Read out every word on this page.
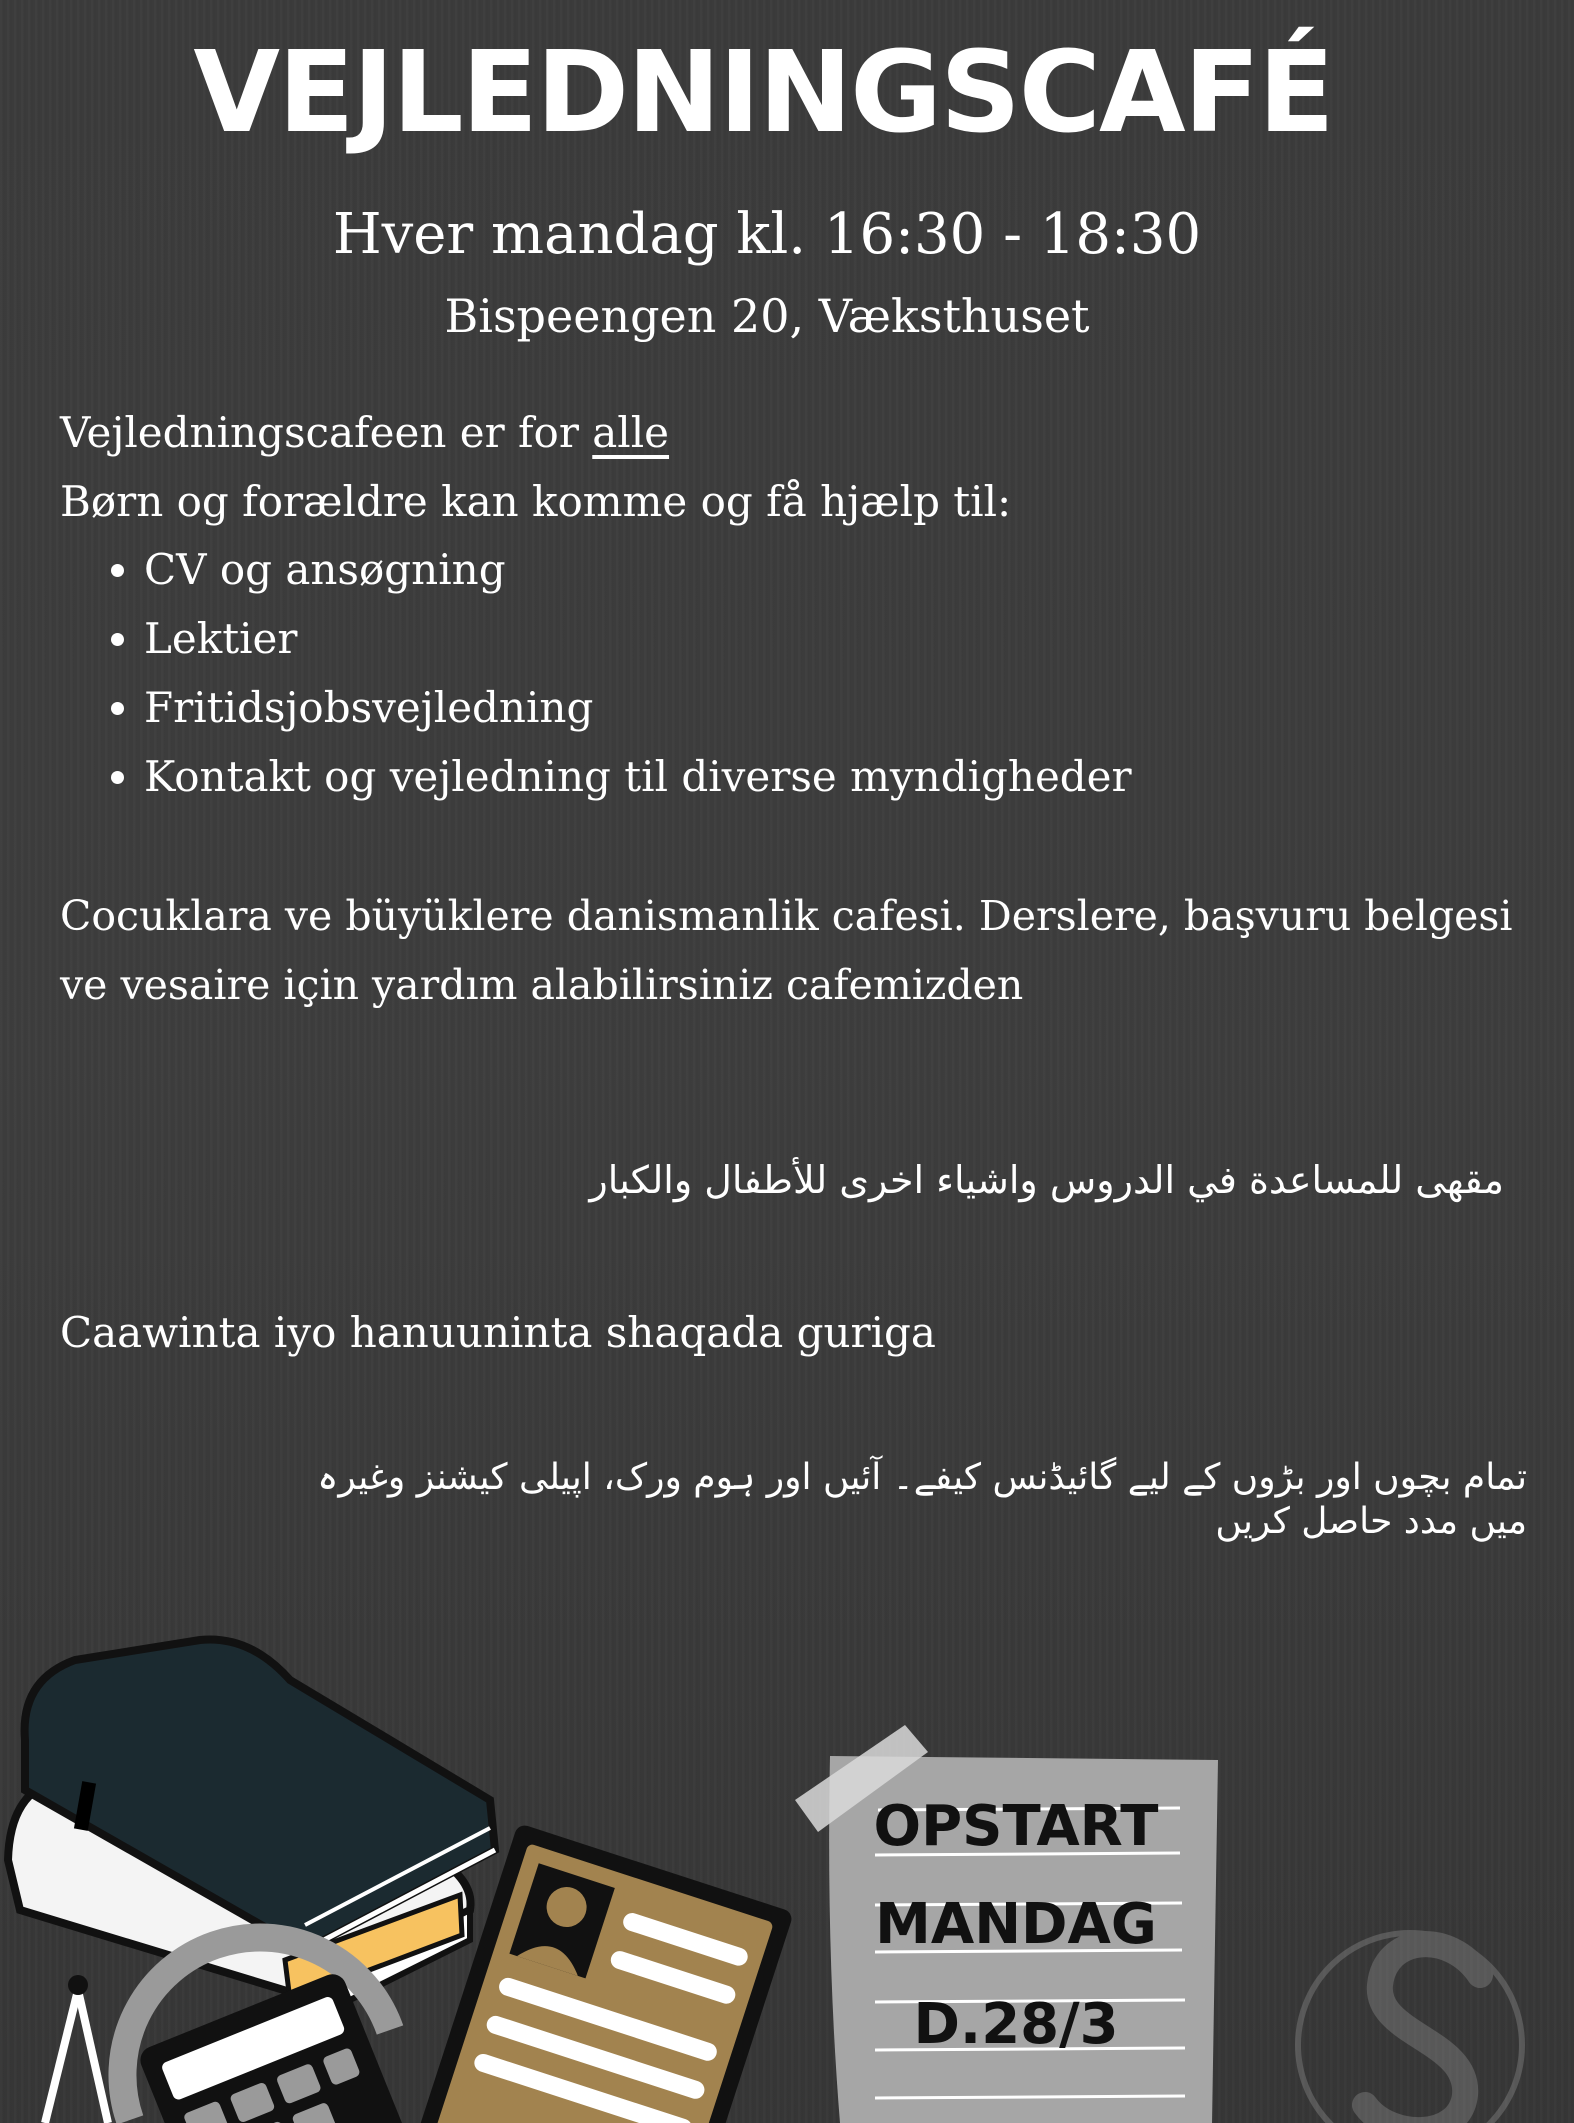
VEJLEDNINGSCAFÉ
Hver mandag kl. 16:30 - 18:30
Bispeengen 20, Væksthuset
Vejledningscafeen er for alle
Børn og forældre kan komme og få hjælp til:
• CV og ansøgning
• Lektier
• Fritidsjobsvejledning
• Kontakt og vejledning til diverse myndigheder
Cocuklara ve büyüklere danismanlik cafesi. Derslere, başvuru belgesi
ve vesaire için yardım alabilirsiniz cafemizden
مقهى للمساعدة في الدروس واشياء اخرى للأطفال والكبار
Caawinta iyo hanuuninta shaqada guriga
تمام بچوں اور بڑوں کے لیے گائیڈنس کیفے۔ آئیں اور ہوم ورک، اپیلی کیشنز وغیرہ
میں مدد حاصل کریں
OPSTART
MANDAG
D.28/3
